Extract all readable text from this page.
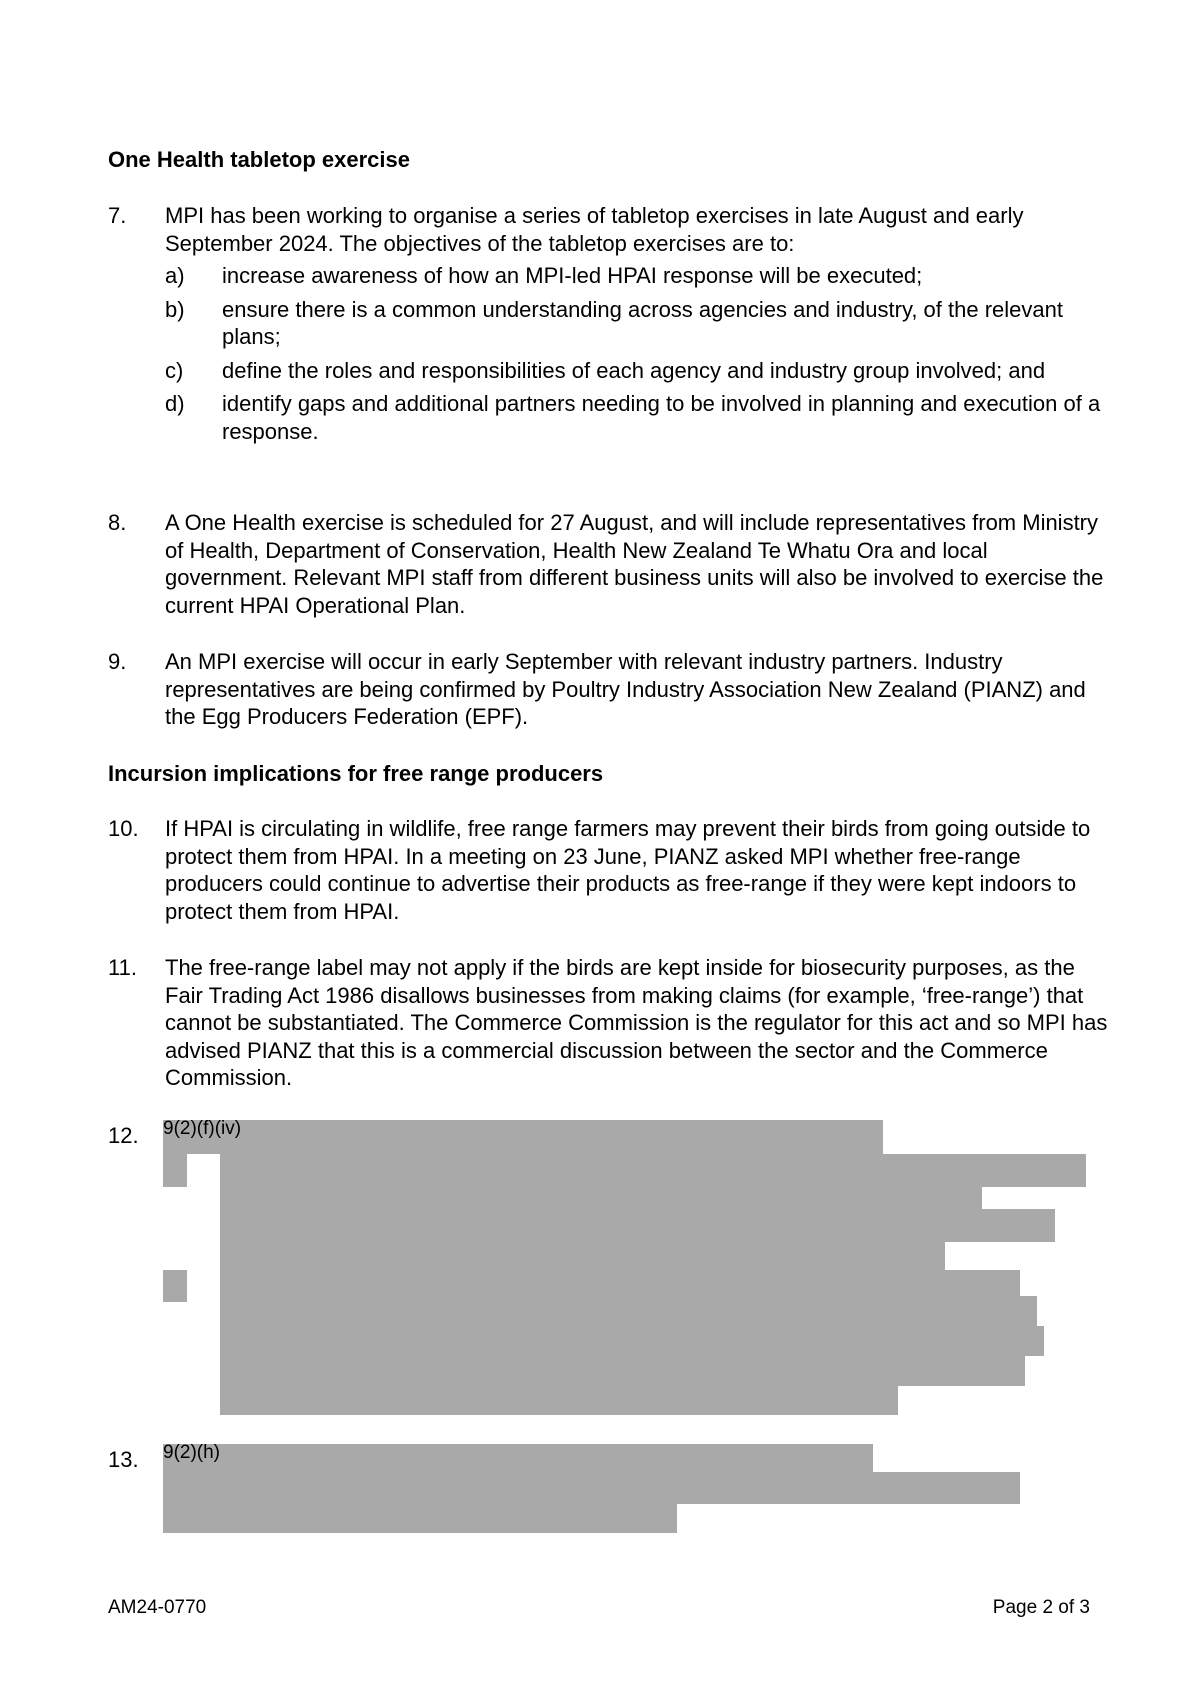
One Health tabletop exercise
7. MPI has been working to organise a series of tabletop exercises in late August and early September 2024. The objectives of the tabletop exercises are to:
a) increase awareness of how an MPI-led HPAI response will be executed;
b) ensure there is a common understanding across agencies and industry, of the relevant plans;
c) define the roles and responsibilities of each agency and industry group involved; and
d) identify gaps and additional partners needing to be involved in planning and execution of a response.
8. A One Health exercise is scheduled for 27 August, and will include representatives from Ministry of Health, Department of Conservation, Health New Zealand Te Whatu Ora and local government. Relevant MPI staff from different business units will also be involved to exercise the current HPAI Operational Plan.
9. An MPI exercise will occur in early September with relevant industry partners. Industry representatives are being confirmed by Poultry Industry Association New Zealand (PIANZ) and the Egg Producers Federation (EPF).
Incursion implications for free range producers
10. If HPAI is circulating in wildlife, free range farmers may prevent their birds from going outside to protect them from HPAI. In a meeting on 23 June, PIANZ asked MPI whether free-range producers could continue to advertise their products as free-range if they were kept indoors to protect them from HPAI.
11. The free-range label may not apply if the birds are kept inside for biosecurity purposes, as the Fair Trading Act 1986 disallows businesses from making claims (for example, ‘free-range’) that cannot be substantiated. The Commerce Commission is the regulator for this act and so MPI has advised PIANZ that this is a commercial discussion between the sector and the Commerce Commission.
12. 9(2)(f)(iv)
13. 9(2)(h)
AM24-0770	Page 2 of 3
